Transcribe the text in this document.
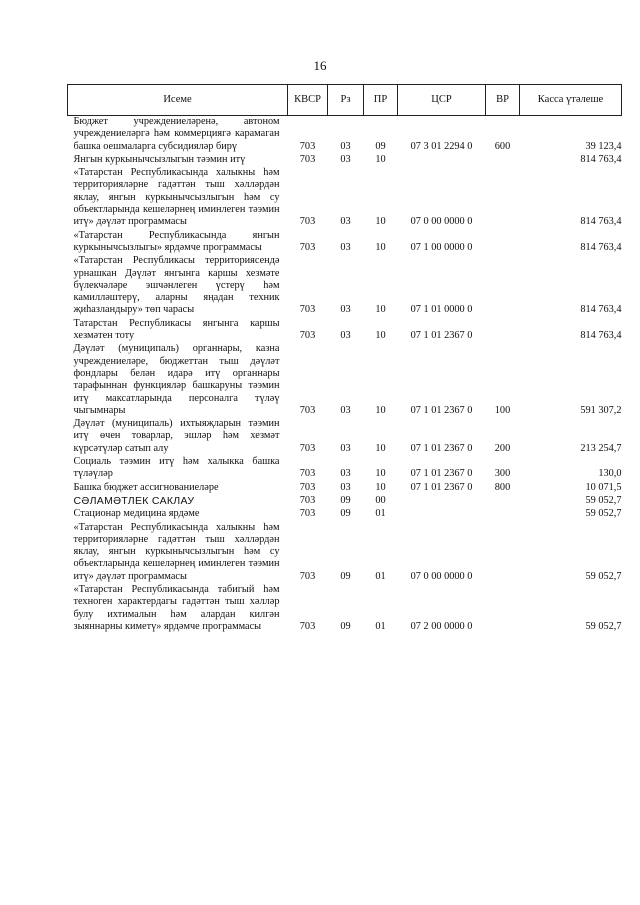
16
Исеме	КВСР	Рз	ПР	ЦСР	ВР	Касса үтәлеше
Бюджет учреждениеләренә, автоном учреждениеләргә һәм коммерциягә карамаган башка оешмаларга субсидияләр бирү	703	03	09	07 3 01 2294 0	600	39 123,4
Янгын куркынычсызлыгын тәэмин итү	703	03	10			814 763,4
«Татарстан Республикасында халыкны һәм территорияләрне гадәттән тыш хәлләрдән яклау, янгын куркынычсызлыгын һәм су объектларында кешеләрнең иминлеген тәэмин итү» дәүләт программасы	703	03	10	07 0 00 0000 0		814 763,4
«Татарстан Республикасында янгын куркынычсызлыгы» ярдәмче программасы	703	03	10	07 1 00 0000 0		814 763,4
«Татарстан Республикасы территориясендә урнашкан Дәүләт янгынга каршы хезмәте бүлекчәләре эшчәнлеген үстерү һәм камилләштерү, аларны яңадан техник җиһазландыру» төп чарасы	703	03	10	07 1 01 0000 0		814 763,4
Татарстан Республикасы янгынга каршы хезмәтен тоту	703	03	10	07 1 01 2367 0		814 763,4
Дәүләт (муниципаль) органнары, казна учреждениеләре, бюджеттан тыш дәүләт фондлары белән идарә итү органнары тарафыннан функцияләр башкаруны тәэмин итү максатларында персоналга түләү чыгымнары	703	03	10	07 1 01 2367 0	100	591 307,2
Дәүләт (муниципаль) ихтыяҗларын тәэмин итү өчен товарлар, эшләр һәм хезмәт күрсәтүләр сатып алу	703	03	10	07 1 01 2367 0	200	213 254,7
Социаль тәэмин итү һәм халыкка башка түләүләр	703	03	10	07 1 01 2367 0	300	130,0
Башка бюджет ассигнованиеләре	703	03	10	07 1 01 2367 0	800	10 071,5
СӘЛАМӘТЛЕК САКЛАУ	703	09	00			59 052,7
Стационар медицина ярдәме	703	09	01			59 052,7
«Татарстан Республикасында халыкны һәм территорияләрне гадәттән тыш хәлләрдән яклау, янгын куркынычсызлыгын һәм су объектларында кешеләрнең иминлеген тәэмин итү» дәүләт программасы	703	09	01	07 0 00 0000 0		59 052,7
«Татарстан Республикасында табигый һәм техноген характердагы гадәттән тыш хәлләр булу ихтималын һәм алардан килгән зыяннарны киметү» ярдәмче программасы	703	09	01	07 2 00 0000 0		59 052,7
